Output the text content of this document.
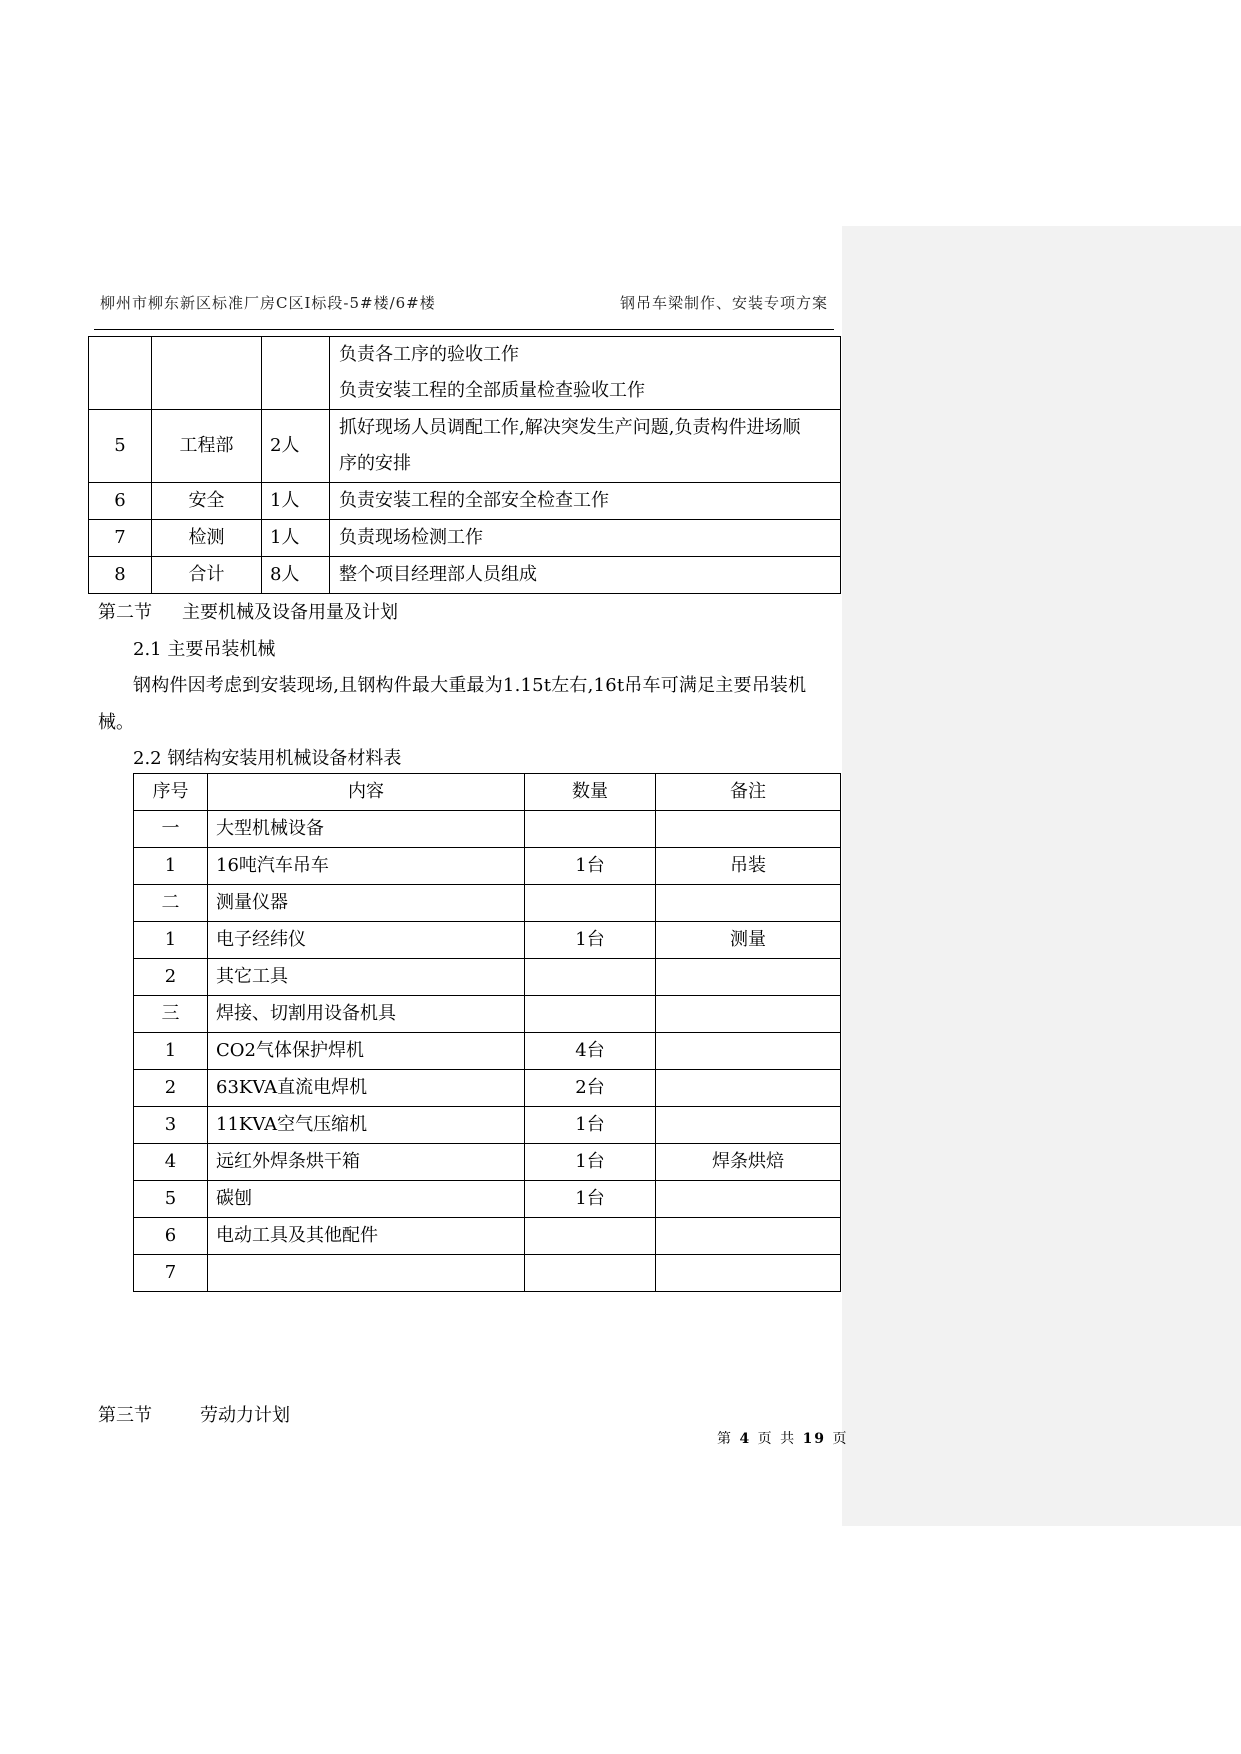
柳州市柳东新区标准厂房C区I标段-5#楼/6#楼	钢吊车梁制作、安装专项方案

			负责各工序的验收工作
负责安装工程的全部质量检查验收工作

5	工程部	2人	抓好现场人员调配工作,解决突发生产问题,负责构件进场顺
序的安排

6	安全	1人	负责安装工程的全部安全检查工作

7	检测	1人	负责现场检测工作

8	合计	8人	整个项目经理部人员组成
第二节 主要机械及设备用量及计划
2.1 主要吊装机械
钢构件因考虑到安装现场,且钢构件最大重最为1.15t左右,16t吊车可满足主要吊装机
械。
2.2 钢结构安装用机械设备材料表
序号	内容	数量	备注
一	大型机械设备		
1	16吨汽车吊车	1台	吊装
二	测量仪器		
1	电子经纬仪	1台	测量
2	其它工具		
三	焊接、切割用设备机具		
1	CO2气体保护焊机	4台	
2	63KVA直流电焊机	2台	
3	11KVA空气压缩机	1台	
4	远红外焊条烘干箱	1台	焊条烘焙
5	碳刨	1台	
6	电动工具及其他配件		
7			
第三节	劳动力计划
第 4 页 共 19 页
